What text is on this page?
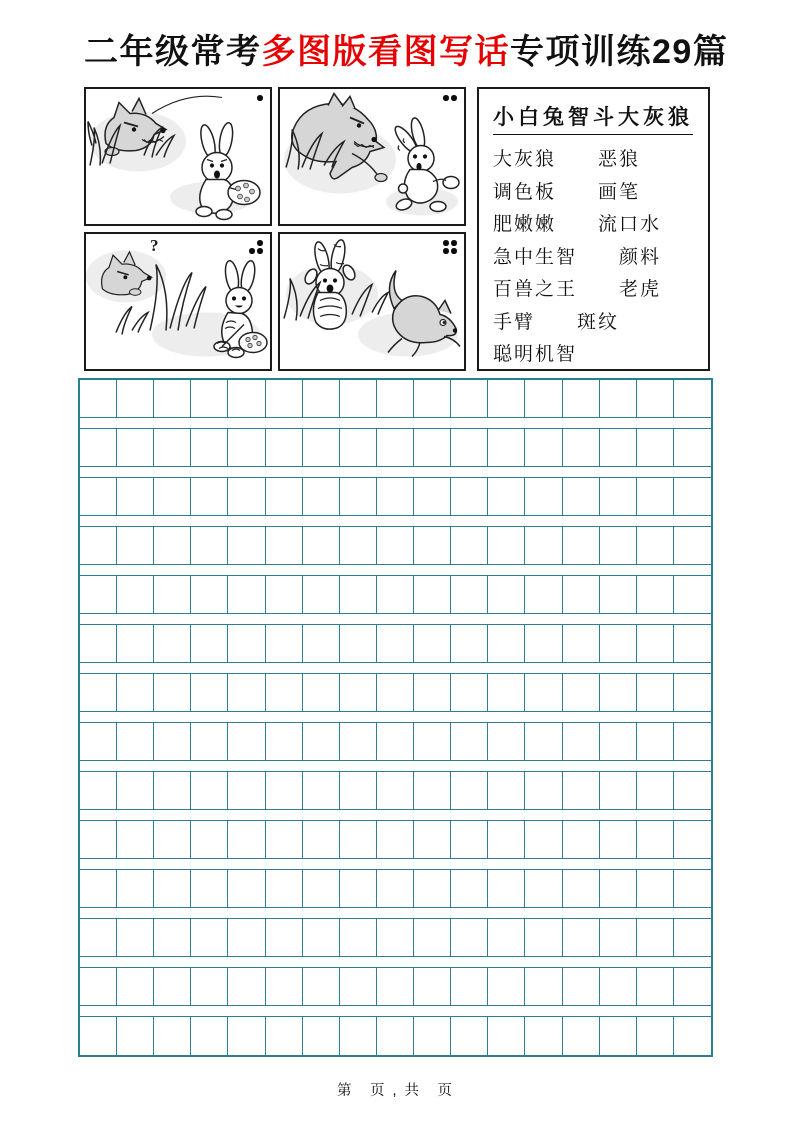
二年级常考多图版看图写话专项训练29篇
?
小白兔智斗大灰狼
大灰狼　　恶狼
调色板　　画笔
肥嫩嫩　　流口水
急中生智　　颜料
百兽之王　　老虎
手臂　　斑纹
聪明机智
第　页 , 共　页
